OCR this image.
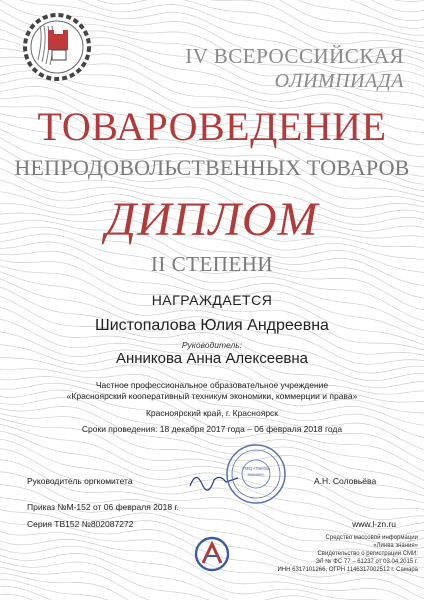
IV ВСЕРОССИЙСКАЯ
ОЛИМПИАДА
ТОВАРОВЕДЕНИЕ
НЕПРОДОВОЛЬСТВЕННЫХ ТОВАРОВ
ДИПЛОМ
II СТЕПЕНИ
НАГРАЖДАЕТСЯ
Шистопалова Юлия Андреевна
Руководитель:
Анникова Анна Алексеевна
Частное профессиональное образовательное учреждение
«Красноярский кооперативный техникум экономики, коммерции и права»
Красноярский край, г. Красноярск
Сроки проведения: 18 декабря 2017 года – 06 февраля 2018 года
Руководитель оргкомитета
УМЦ «Лингва знание»
А.Н. Соловьёва
Приказ №М-152 от 06 февраля 2018 г.
Серия ТВ152 №802087272	www.l-zn.ru
Средство массовой информации
«Линва знания»
Свидетельство о регистрации СМИ:
ЭЛ № ФС 77 – 61237 от 03.04.2015 г.
ИНН 6317101266, ОГРН 1146317002512 г. Самара
